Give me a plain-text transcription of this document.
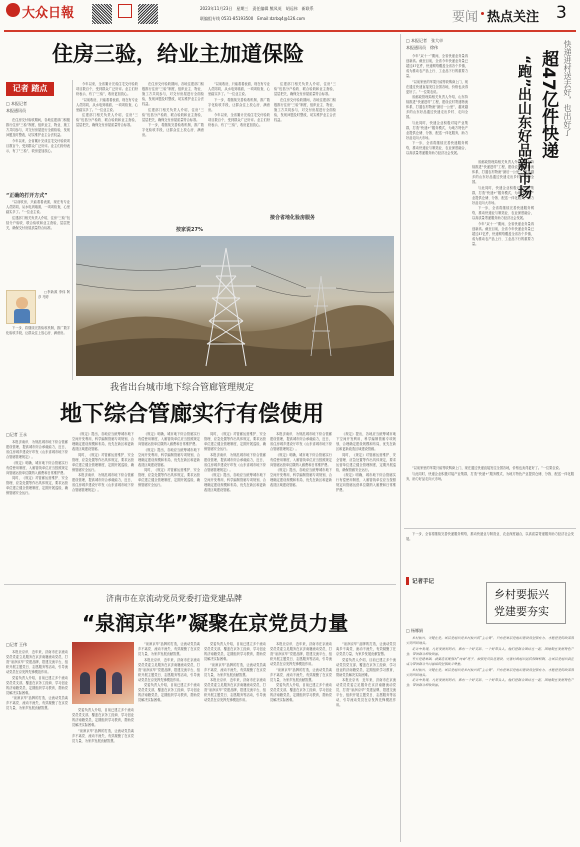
大众日報	2023年11月23日　星期三　责任编辑 熊凤英　胡远伟　新联系
联编组专线 0531-85193500　Email:dzrbq4@126.com	要闻 热点关注 3
住房三验，给业主加道保险
记者 踏点
□ 本报记者
本报通讯员

在住房交付验收期间，各地住建部门积极推行住房“三验”制度，组织业主、物业、施工方共同参与，对交付房屋进行全面检验，发现问题及时整改，切实维护业主合法权益。

今年以来，全省累计完成住宅交付验收项目数百个，受到群众广泛好评。业主们纷纷表示，有了“三验”，收房更加放心。

“正确的打开方式”

“以前收房，只能看看表面，现在有专业人员陪同，从水电到墙面，一项项检查，心里踏实多了。”一位业主说。

住建部门相关负责人介绍，住房“三验”包括分户验收、联合验收和业主查验，层层把关，确保交付房屋质量符合标准。

□李新源 李伟 阿彦 马婷

下一步，将继续完善验收机制，推广数字化验收手段，让群众住上放心房、满意房。

今年以来，全省累计完成住宅交付验收项目数百个，受到群众广泛好评。业主们纷纷表示，有了“三验”，收房更加放心。

“以前收房，只能看看表面，现在有专业人员陪同，从水电到墙面，一项项检查，心里踏实多了。”一位业主说。

住建部门相关负责人介绍，住房“三验”包括分户验收、联合验收和业主查验，层层把关，确保交付房屋质量符合标准。

在住房交付验收期间，各地住建部门积极推行住房“三验”制度，组织业主、物业、施工方共同参与，对交付房屋进行全面检验，发现问题及时整改，切实维护业主合法权益。

住建部门相关负责人介绍，住房“三验”包括分户验收、联合验收和业主查验，层层把关，确保交付房屋质量符合标准。

下一步，将继续完善验收机制，推广数字化验收手段，让群众住上放心房、满意房。

按家说27%

“以前收房，只能看看表面，现在有专业人员陪同，从水电到墙面，一项项检查，心里踏实多了。”一位业主说。

下一步，将继续完善验收机制，推广数字化验收手段，让群众住上放心房、满意房。

今年以来，全省累计完成住宅交付验收项目数百个，受到群众广泛好评。业主们纷纷表示，有了“三验”，收房更加放心。

住建部门相关负责人介绍，住房“三验”包括分户验收、联合验收和业主查验，层层把关，确保交付房屋质量符合标准。

在住房交付验收期间，各地住建部门积极推行住房“三验”制度，组织业主、物业、施工方共同参与，对交付房屋进行全面检验，发现问题及时整改，切实维护业主合法权益。

接合省地化验房服务
我省出台城市地下综合管廊管理规定
地下综合管廊实行有偿使用
□记者 王永

本报济南讯　为规范城市地下综合管廊建设管理，提高城市综合承载能力，近日，省住房城乡建设厅印发《山东省城市地下综合管廊管理规定》。

《规定》明确，城市地下综合管廊实行有偿使用制度，入廊管线单位应当按照规定向管廊运营单位缴纳入廊费和日常维护费。

同时，《规定》对管廊运营维护、安全管理、应急处置等作出具体规定，要求运营单位建立健全管理制度，定期开展巡检，确保管廊安全运行。

《规定》提出，各地应当统筹城市地下空间开发利用，科学编制管廊专项规划，合理确定建设规模和布局，优先在新区和更新改造区域建设管廊。

同时，《规定》对管廊运营维护、安全管理、应急处置等作出具体规定，要求运营单位建立健全管理制度，定期开展巡检，确保管廊安全运行。

本报济南讯　为规范城市地下综合管廊建设管理，提高城市综合承载能力，近日，省住房城乡建设厅印发《山东省城市地下综合管廊管理规定》。

《规定》明确，城市地下综合管廊实行有偿使用制度，入廊管线单位应当按照规定向管廊运营单位缴纳入廊费和日常维护费。

《规定》提出，各地应当统筹城市地下空间开发利用，科学编制管廊专项规划，合理确定建设规模和布局，优先在新区和更新改造区域建设管廊。

同时，《规定》对管廊运营维护、安全管理、应急处置等作出具体规定，要求运营单位建立健全管理制度，定期开展巡检，确保管廊安全运行。

同时，《规定》对管廊运营维护、安全管理、应急处置等作出具体规定，要求运营单位建立健全管理制度，定期开展巡检，确保管廊安全运行。

本报济南讯　为规范城市地下综合管廊建设管理，提高城市综合承载能力，近日，省住房城乡建设厅印发《山东省城市地下综合管廊管理规定》。

《规定》提出，各地应当统筹城市地下空间开发利用，科学编制管廊专项规划，合理确定建设规模和布局，优先在新区和更新改造区域建设管廊。

本报济南讯　为规范城市地下综合管廊建设管理，提高城市综合承载能力，近日，省住房城乡建设厅印发《山东省城市地下综合管廊管理规定》。

《规定》明确，城市地下综合管廊实行有偿使用制度，入廊管线单位应当按照规定向管廊运营单位缴纳入廊费和日常维护费。

《规定》提出，各地应当统筹城市地下空间开发利用，科学编制管廊专项规划，合理确定建设规模和布局，优先在新区和更新改造区域建设管廊。

《规定》提出，各地应当统筹城市地下空间开发利用，科学编制管廊专项规划，合理确定建设规模和布局，优先在新区和更新改造区域建设管廊。

同时，《规定》对管廊运营维护、安全管理、应急处置等作出具体规定，要求运营单位建立健全管理制度，定期开展巡检，确保管廊安全运行。

《规定》明确，城市地下综合管廊实行有偿使用制度，入廊管线单位应当按照规定向管廊运营单位缴纳入廊费和日常维护费。

济南市在京流动党员党委打造党建品牌
“泉润京华”凝聚在京党员力量
□记者 王伟

本报北京讯　近年来，济南市在京流动党员党委立足服务在京济南籍流动党员，打造“泉润京华”党建品牌，搭建交流平台，组织开展主题党日、志愿服务等活动，引导流动党员在京发挥先锋模范作用。

党委负责人介绍，目前已建立多个流动党员党支部，覆盖在京务工经商、学习创业的济南籍党员，定期组织学习教育，帮助党员解决实际困难。

“泉润京华”品牌的打造，让流动党员离乡不离党、流动不流失，有效凝聚了在京党员力量，为家乡发展贡献智慧。	党委负责人介绍，目前已建立多个流动党员党支部，覆盖在京务工经商、学习创业的济南籍党员，定期组织学习教育，帮助党员解决实际困难。

“泉润京华”品牌的打造，让流动党员离乡不离党、流动不流失，有效凝聚了在京党员力量，为家乡发展贡献智慧。

“泉润京华”品牌的打造，让流动党员离乡不离党、流动不流失，有效凝聚了在京党员力量，为家乡发展贡献智慧。

本报北京讯　近年来，济南市在京流动党员党委立足服务在京济南籍流动党员，打造“泉润京华”党建品牌，搭建交流平台，组织开展主题党日、志愿服务等活动，引导流动党员在京发挥先锋模范作用。

党委负责人介绍，目前已建立多个流动党员党支部，覆盖在京务工经商、学习创业的济南籍党员，定期组织学习教育，帮助党员解决实际困难。

党委负责人介绍，目前已建立多个流动党员党支部，覆盖在京务工经商、学习创业的济南籍党员，定期组织学习教育，帮助党员解决实际困难。

“泉润京华”品牌的打造，让流动党员离乡不离党、流动不流失，有效凝聚了在京党员力量，为家乡发展贡献智慧。

本报北京讯　近年来，济南市在京流动党员党委立足服务在京济南籍流动党员，打造“泉润京华”党建品牌，搭建交流平台，组织开展主题党日、志愿服务等活动，引导流动党员在京发挥先锋模范作用。

本报北京讯　近年来，济南市在京流动党员党委立足服务在京济南籍流动党员，打造“泉润京华”党建品牌，搭建交流平台，组织开展主题党日、志愿服务等活动，引导流动党员在京发挥先锋模范作用。

“泉润京华”品牌的打造，让流动党员离乡不离党、流动不流失，有效凝聚了在京党员力量，为家乡发展贡献智慧。

党委负责人介绍，目前已建立多个流动党员党支部，覆盖在京务工经商、学习创业的济南籍党员，定期组织学习教育，帮助党员解决实际困难。

“泉润京华”品牌的打造，让流动党员离乡不离党、流动不流失，有效凝聚了在京党员力量，为家乡发展贡献智慧。

党委负责人介绍，目前已建立多个流动党员党支部，覆盖在京务工经商、学习创业的济南籍党员，定期组织学习教育，帮助党员解决实际困难。

本报北京讯　近年来，济南市在京流动党员党委立足服务在京济南籍流动党员，打造“泉润京华”党建品牌，搭建交流平台，组织开展主题党日、志愿服务等活动，引导流动党员在京发挥先锋模范作用。

□ 本报记者　张大卓
本报通讯员　徐伟

今年“双十一”期间，全省快递业务量再创新高。截至目前，全省今年快递业务量已超过47亿件，快递网络覆盖全省各个乡镇，成为推动农产品上行、工业品下行的重要力量。

“以前家里的苹果只能等收购商上门，现在通过快递直接发往全国各地，价格也卖得更好了。”一位果农说。

省邮政管理局相关负责人介绍，山东持续推进“快递进村”工程，建设农村寄递物流体系，打通农村物流“最后一公里”，越来越多的山东好品通过快递走出乡村、走向全国。

与此同时，快递企业积极对接产业集群，打造“快递+”服务模式，为地方特色产业提供仓储、分拣、配送一体化服务，助力好品走向大市场。

下一步，全省将继续完善快递服务网络，推动快递业与制造业、农业深度融合，以高质量寄递服务助力经济社会发展。

省邮政管理局相关负责人介绍，山东持续推进“快递进村”工程，建设农村寄递物流体系，打通农村物流“最后一公里”，越来越多的山东好品通过快递走出乡村、走向全国。

与此同时，快递企业积极对接产业集群，打造“快递+”服务模式，为地方特色产业提供仓储、分拣、配送一体化服务，助力好品走向大市场。

下一步，全省将继续完善快递服务网络，推动快递业与制造业、农业深度融合，以高质量寄递服务助力经济社会发展。

今年“双十一”期间，全省快递业务量再创新高。截至目前，全省今年快递业务量已超过47亿件，快递网络覆盖全省各个乡镇，成为推动农产品上行、工业品下行的重要力量。

超47亿件快递
“跑”出山东好品新市场	快递进村送去好，也出好了

“以前家里的苹果只能等收购商上门，现在通过快递直接发往全国各地，价格也卖得更好了。”一位果农说。

与此同时，快递企业积极对接产业集群，打造“快递+”服务模式，为地方特色产业提供仓储、分拣、配送一体化服务，助力好品走向大市场。

下一步，全省将继续完善快递服务网络，推动快递业与制造业、农业深度融合，以高质量寄递服务助力经济社会发展。

记者手记
乡村要振兴
党建要夯实
□ 杨娜娟

乡村振兴，关键在党。基层党组织是乡村振兴的“主心骨”，只有把基层党组织建设得坚强有力，才能把党的政策落实到田间地头。

走访中发现，凡是发展好的村，都有一个好支部、一个好带头人。他们把群众团结在一起，因地制宜发展特色产业，带领群众增收致富。

夯实党建基础，就要选优配强村“两委”班子，加强党员队伍建设，完善村级组织运转保障机制，让基层党组织真正成为带领群众共同富裕的坚强战斗堡垒。

乡村振兴，关键在党。基层党组织是乡村振兴的“主心骨”，只有把基层党组织建设得坚强有力，才能把党的政策落实到田间地头。

走访中发现，凡是发展好的村，都有一个好支部、一个好带头人。他们把群众团结在一起，因地制宜发展特色产业，带领群众增收致富。
